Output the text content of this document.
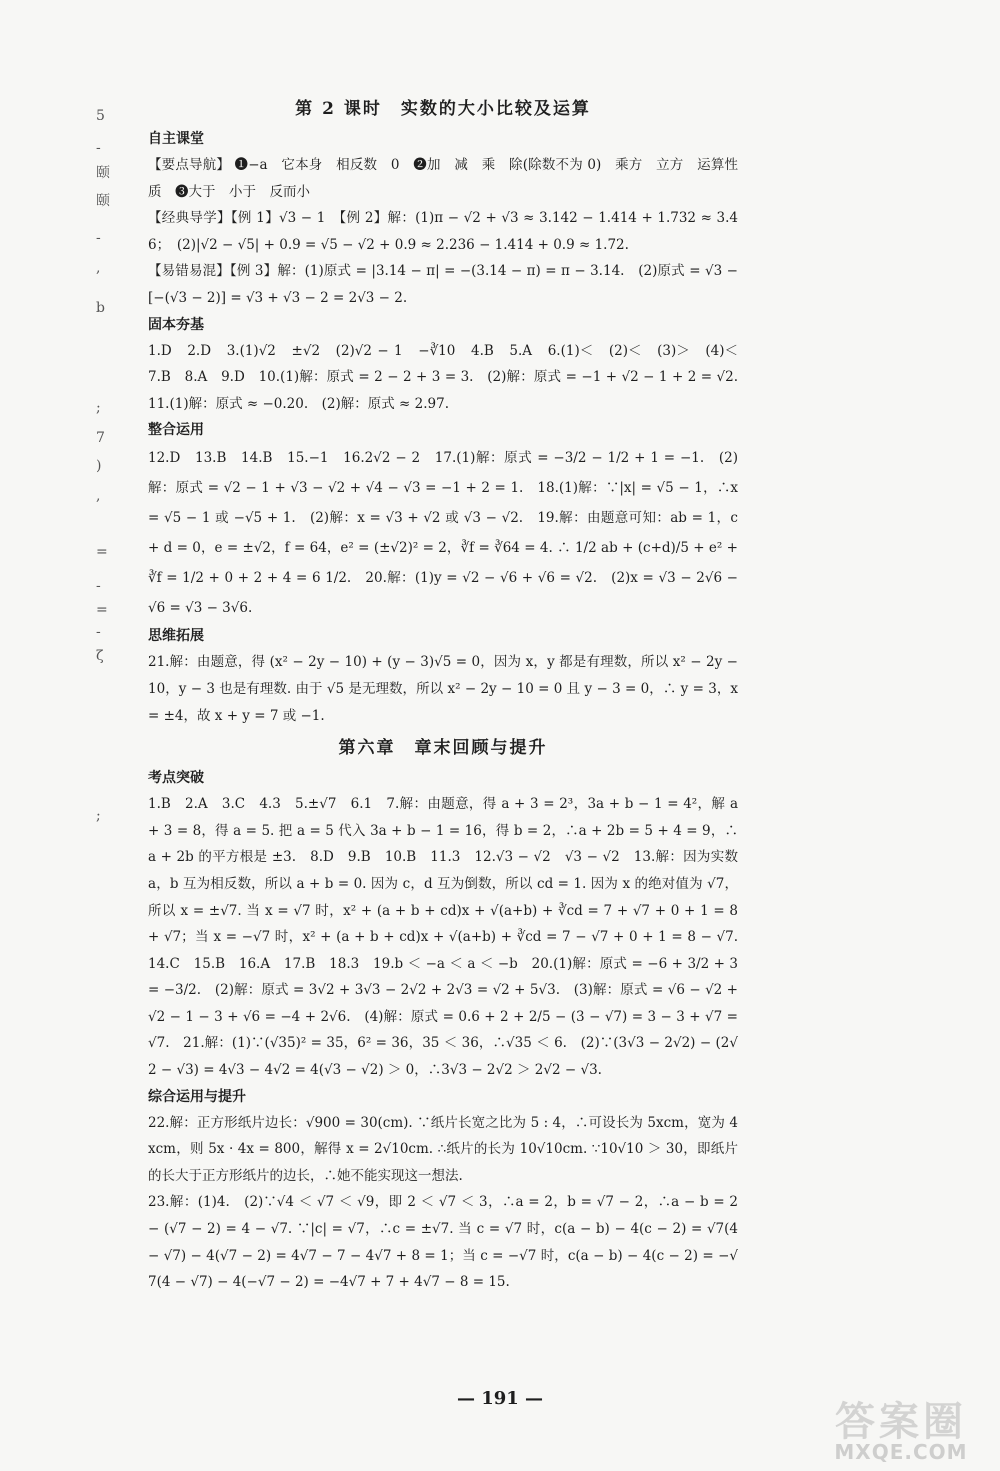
5
-
颐
颐
-
,
b
;
7
)
,
=
-
=
-
ζ
;
第 2 课时　实数的大小比较及运算
自主课堂

【要点导航】 ❶−a　它本身　相反数　0　❷加　减　乘　除(除数不为 0)　乘方　立方　运算性质　❸大于　小于　反而小

【经典导学】【例 1】√3 − 1　【例 2】解：(1)π − √2 + √3 ≈ 3.142 − 1.414 + 1.732 ≈ 3.46；　(2)|√2 − √5| + 0.9 = √5 − √2 + 0.9 ≈ 2.236 − 1.414 + 0.9 ≈ 1.72.

【易错易混】【例 3】解：(1)原式 = |3.14 − π| = −(3.14 − π) = π − 3.14.　(2)原式 = √3 − [−(√3 − 2)] = √3 + √3 − 2 = 2√3 − 2.

固本夯基

1.D　2.D　3.(1)√2　±√2　(2)√2 − 1　−∛10　4.B　5.A　6.(1)＜　(2)＜　(3)＞　(4)＜　7.B　8.A　9.D　10.(1)解：原式 = 2 − 2 + 3 = 3.　(2)解：原式 = −1 + √2 − 1 + 2 = √2.　11.(1)解：原式 ≈ −0.20.　(2)解：原式 ≈ 2.97.

整合运用

12.D　13.B　14.B　15.−1　16.2√2 − 2　17.(1)解：原式 = −3/2 − 1/2 + 1 = −1.　(2)解：原式 = √2 − 1 + √3 − √2 + √4 − √3 = −1 + 2 = 1.　18.(1)解：∵|x| = √5 − 1，∴x = √5 − 1 或 −√5 + 1.　(2)解：x = √3 + √2 或 √3 − √2.　19.解：由题意可知：ab = 1，c + d = 0，e = ±√2，f = 64，e² = (±√2)² = 2，∛f = ∛64 = 4. ∴ 1/2 ab + (c+d)/5 + e² + ∛f = 1/2 + 0 + 2 + 4 = 6 1/2.　20.解：(1)y = √2 − √6 + √6 = √2.　(2)x = √3 − 2√6 − √6 = √3 − 3√6.

思维拓展

21.解：由题意，得 (x² − 2y − 10) + (y − 3)√5 = 0，因为 x，y 都是有理数，所以 x² − 2y − 10，y − 3 也是有理数. 由于 √5 是无理数，所以 x² − 2y − 10 = 0 且 y − 3 = 0，∴ y = 3，x = ±4，故 x + y = 7 或 −1.

第六章　章末回顾与提升
考点突破

1.B　2.A　3.C　4.3　5.±√7　6.1　7.解：由题意，得 a + 3 = 2³，3a + b − 1 = 4²，解 a + 3 = 8，得 a = 5. 把 a = 5 代入 3a + b − 1 = 16，得 b = 2，∴a + 2b = 5 + 4 = 9，∴a + 2b 的平方根是 ±3.　8.D　9.B　10.B　11.3　12.√3 − √2　√3 − √2　13.解：因为实数 a，b 互为相反数，所以 a + b = 0. 因为 c，d 互为倒数，所以 cd = 1. 因为 x 的绝对值为 √7，所以 x = ±√7. 当 x = √7 时，x² + (a + b + cd)x + √(a+b) + ∛cd = 7 + √7 + 0 + 1 = 8 + √7；当 x = −√7 时，x² + (a + b + cd)x + √(a+b) + ∛cd = 7 − √7 + 0 + 1 = 8 − √7.　14.C　15.B　16.A　17.B　18.3　19.b ＜ −a ＜ a ＜ −b　20.(1)解：原式 = −6 + 3/2 + 3 = −3/2.　(2)解：原式 = 3√2 + 3√3 − 2√2 + 2√3 = √2 + 5√3.　(3)解：原式 = √6 − √2 + √2 − 1 − 3 + √6 = −4 + 2√6.　(4)解：原式 = 0.6 + 2 + 2/5 − (3 − √7) = 3 − 3 + √7 = √7.　21.解：(1)∵(√35)² = 35，6² = 36，35 ＜ 36，∴√35 ＜ 6.　(2)∵(3√3 − 2√2) − (2√2 − √3) = 4√3 − 4√2 = 4(√3 − √2) ＞ 0，∴3√3 − 2√2 ＞ 2√2 − √3.

综合运用与提升

22.解：正方形纸片边长：√900 = 30(cm). ∵纸片长宽之比为 5 : 4，∴可设长为 5xcm，宽为 4xcm，则 5x · 4x = 800，解得 x = 2√10cm. ∴纸片的长为 10√10cm. ∵10√10 ＞ 30，即纸片的长大于正方形纸片的边长，∴她不能实现这一想法.

23.解：(1)4.　(2)∵√4 ＜ √7 ＜ √9，即 2 ＜ √7 ＜ 3，∴a = 2，b = √7 − 2，∴a − b = 2 − (√7 − 2) = 4 − √7. ∵|c| = √7，∴c = ±√7. 当 c = √7 时，c(a − b) − 4(c − 2) = √7(4 − √7) − 4(√7 − 2) = 4√7 − 7 − 4√7 + 8 = 1；当 c = −√7 时，c(a − b) − 4(c − 2) = −√7(4 − √7) − 4(−√7 − 2) = −4√7 + 7 + 4√7 − 8 = 15.

— 191 —
答案圈
MXQE.COM
